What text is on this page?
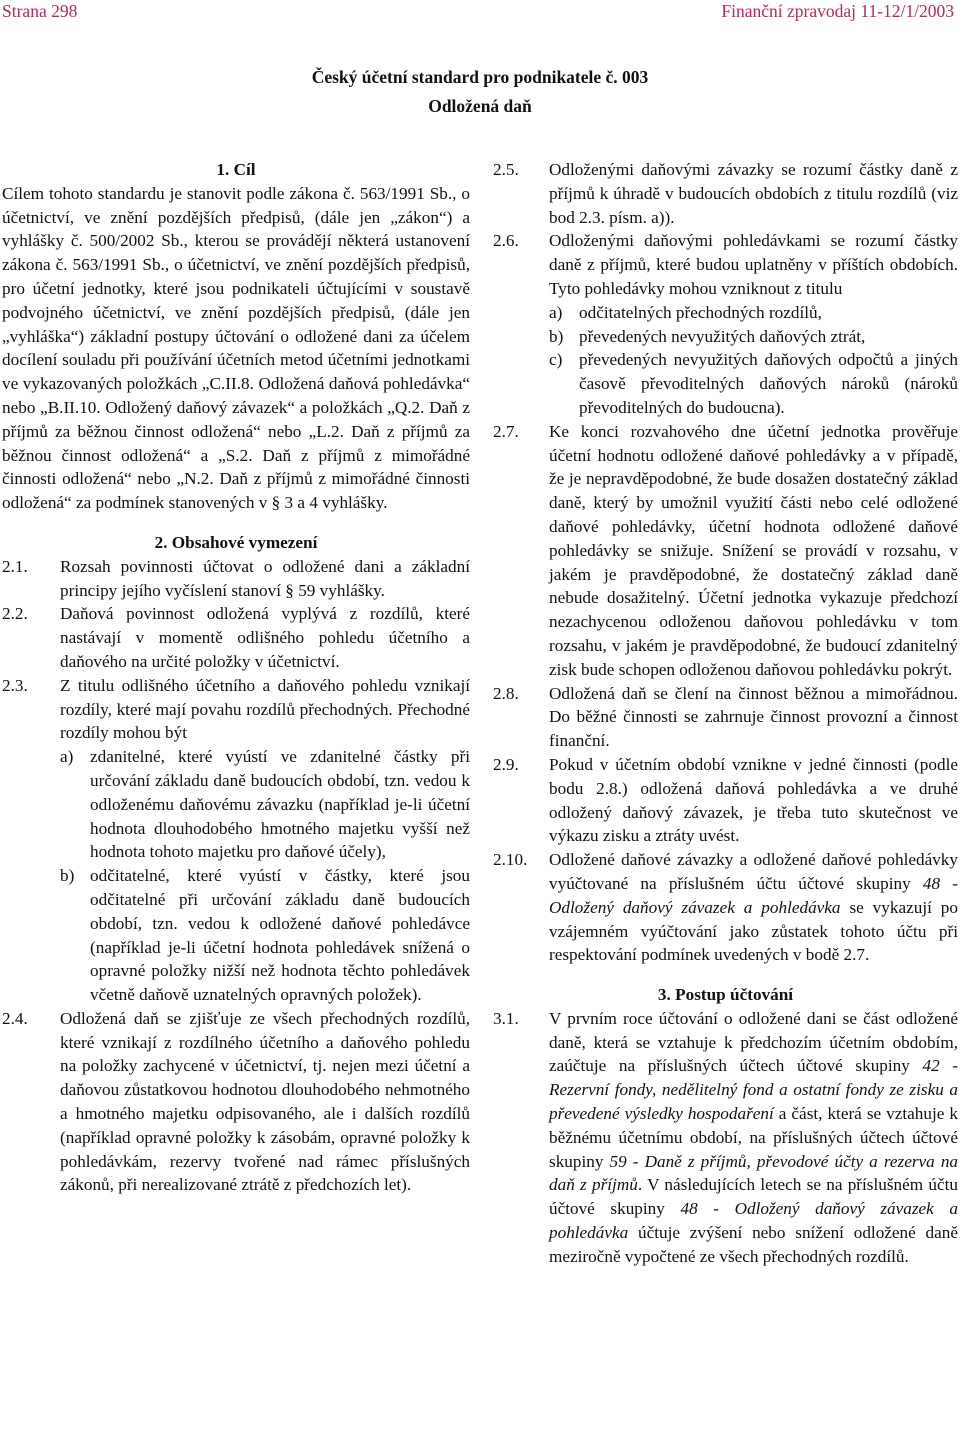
Strana 298	Finanční zpravodaj 11-12/1/2003
Český účetní standard pro podnikatele č. 003
Odložená daň
1. Cíl
Cílem tohoto standardu je stanovit podle zákona č. 563/1991 Sb., o účetnictví, ve znění pozdějších předpisů, (dále jen „zákon“) a vyhlášky č. 500/2002 Sb., kterou se provádějí některá ustanovení zákona č. 563/1991 Sb., o účetnictví, ve znění pozdějších předpisů, pro účetní jednotky, které jsou podnikateli účtujícími v soustavě podvojného účetnictví, ve znění pozdějších předpisů, (dále jen „vyhláška“) základní postupy účtování o odložené dani za účelem docílení souladu při používání účetních metod účetními jednotkami ve vykazovaných položkách „C.II.8. Odložená daňová pohledávka“ nebo „B.II.10. Odložený daňový závazek“ a položkách „Q.2. Daň z příjmů za běžnou činnost odložená“ nebo „L.2. Daň z příjmů za běžnou činnost odložená“ a „S.2. Daň z příjmů z mimořádné činnosti odložená“ nebo „N.2. Daň z příjmů z mimořádné činnosti odložená“ za podmínek stanovených v § 3 a 4 vyhlášky.
2. Obsahové vymezení
2.1.	Rozsah povinnosti účtovat o odložené dani a základní principy jejího vyčíslení stanoví § 59 vyhlášky.
2.2.	Daňová povinnost odložená vyplývá z rozdílů, které nastávají v momentě odlišného pohledu účetního a daňového na určité položky v účetnictví.
2.3.	Z titulu odlišného účetního a daňového pohledu vznikají rozdíly, které mají povahu rozdílů přechodných. Přechodné rozdíly mohou být
a) zdanitelné, které vyústí ve zdanitelné částky při určování základu daně budoucích období, tzn. vedou k odloženému daňovému závazku (například je-li účetní hodnota dlouhodobého hmotného majetku vyšší než hodnota tohoto majetku pro daňové účely),
b) odčitatelné, které vyústí v částky, které jsou odčitatelné při určování základu daně budoucích období, tzn. vedou k odložené daňové pohledávce (například je-li účetní hodnota pohledávek snížená o opravné položky nižší než hodnota těchto pohledávek včetně daňově uznatelných opravných položek).
2.4.	Odložená daň se zjišťuje ze všech přechodných rozdílů, které vznikají z rozdílného účetního a daňového pohledu na položky zachycené v účetnictví, tj. nejen mezi účetní a daňovou zůstatkovou hodnotou dlouhodobého nehmotného a hmotného majetku odpisovaného, ale i dalších rozdílů (například opravné položky k zásobám, opravné položky k pohledávkám, rezervy tvořené nad rámec příslušných zákonů, při nerealizované ztrátě z předchozích let).
2.5.	Odloženými daňovými závazky se rozumí částky daně z příjmů k úhradě v budoucích obdobích z titulu rozdílů (viz bod 2.3. písm. a)).
2.6.	Odloženými daňovými pohledávkami se rozumí částky daně z příjmů, které budou uplatněny v příštích obdobích. Tyto pohledávky mohou vzniknout z titulu
a) odčitatelných přechodných rozdílů,
b) převedených nevyužitých daňových ztrát,
c) převedených nevyužitých daňových odpočtů a jiných časově převoditelných daňových nároků (nároků převoditelných do budoucna).
2.7.	Ke konci rozvahového dne účetní jednotka prověřuje účetní hodnotu odložené daňové pohledávky a v případě, že je nepravděpodobné, že bude dosažen dostatečný základ daně, který by umožnil využití části nebo celé odložené daňové pohledávky, účetní hodnota odložené daňové pohledávky se snižuje. Snížení se provádí v rozsahu, v jakém je pravděpodobné, že dostatečný základ daně nebude dosažitelný. Účetní jednotka vykazuje předchozí nezachycenou odloženou daňovou pohledávku v tom rozsahu, v jakém je pravděpodobné, že budoucí zdanitelný zisk bude schopen odloženou daňovou pohledávku pokrýt.
2.8.	Odložená daň se člení na činnost běžnou a mimořádnou. Do běžné činnosti se zahrnuje činnost provozní a činnost finanční.
2.9.	Pokud v účetním období vznikne v jedné činnosti (podle bodu 2.8.) odložená daňová pohledávka a ve druhé odložený daňový závazek, je třeba tuto skutečnost ve výkazu zisku a ztráty uvést.
2.10.	Odložené daňové závazky a odložené daňové pohledávky vyúčtované na příslušném účtu účtové skupiny 48 - Odložený daňový závazek a pohledávka se vykazují po vzájemném vyúčtování jako zůstatek tohoto účtu při respektování podmínek uvedených v bodě 2.7.
3. Postup účtování
3.1.	V prvním roce účtování o odložené dani se část odložené daně, která se vztahuje k předchozím účetním obdobím, zaúčtuje na příslušných účtech účtové skupiny 42 - Rezervní fondy, nedělitelný fond a ostatní fondy ze zisku a převedené výsledky hospodaření a část, která se vztahuje k běžnému účetnímu období, na příslušných účtech účtové skupiny 59 - Daně z příjmů, převodové účty a rezerva na daň z příjmů. V následujících letech se na příslušném účtu účtové skupiny 48 - Odložený daňový závazek a pohledávka účtuje zvýšení nebo snížení odložené daně meziročně vypočtené ze všech přechodných rozdílů.
